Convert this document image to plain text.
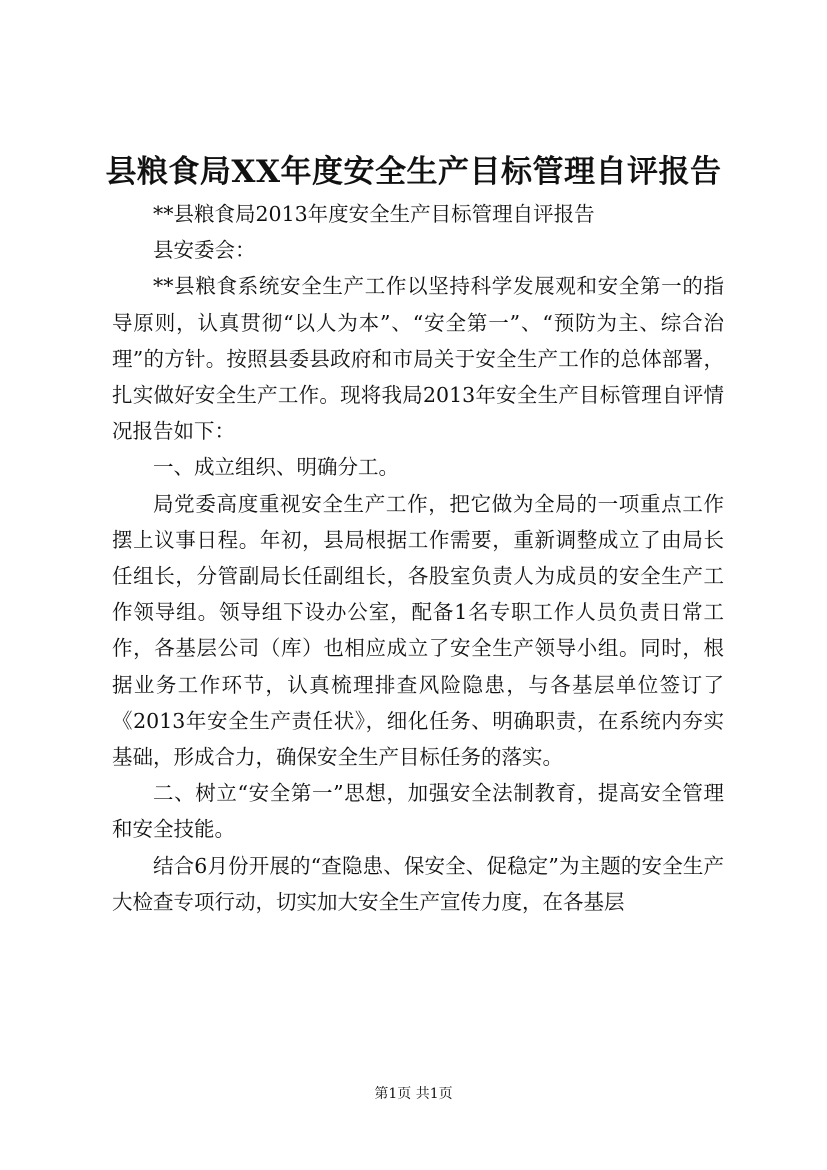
县粮食局XX年度安全生产目标管理自评报告

**县粮食局2013年度安全生产目标管理自评报告

县安委会：

**县粮食系统安全生产工作以坚持科学发展观和安全第一的指导原则，认真贯彻“以人为本”、“安全第一”、“预防为主、综合治理”的方针。按照县委县政府和市局关于安全生产工作的总体部署，扎实做好安全生产工作。现将我局2013年安全生产目标管理自评情况报告如下：

一、成立组织、明确分工。

局党委高度重视安全生产工作，把它做为全局的一项重点工作摆上议事日程。年初，县局根据工作需要，重新调整成立了由局长任组长，分管副局长任副组长，各股室负责人为成员的安全生产工作领导组。领导组下设办公室，配备1名专职工作人员负责日常工作，各基层公司（库）也相应成立了安全生产领导小组。同时，根据业务工作环节，认真梳理排查风险隐患，与各基层单位签订了《2013年安全生产责任状》，细化任务、明确职责，在系统内夯实基础，形成合力，确保安全生产目标任务的落实。

二、树立“安全第一”思想，加强安全法制教育，提高安全管理和安全技能。

结合6月份开展的“查隐患、保安全、促稳定”为主题的安全生产大检查专项行动，切实加大安全生产宣传力度，在各基层

第1页 共1页
